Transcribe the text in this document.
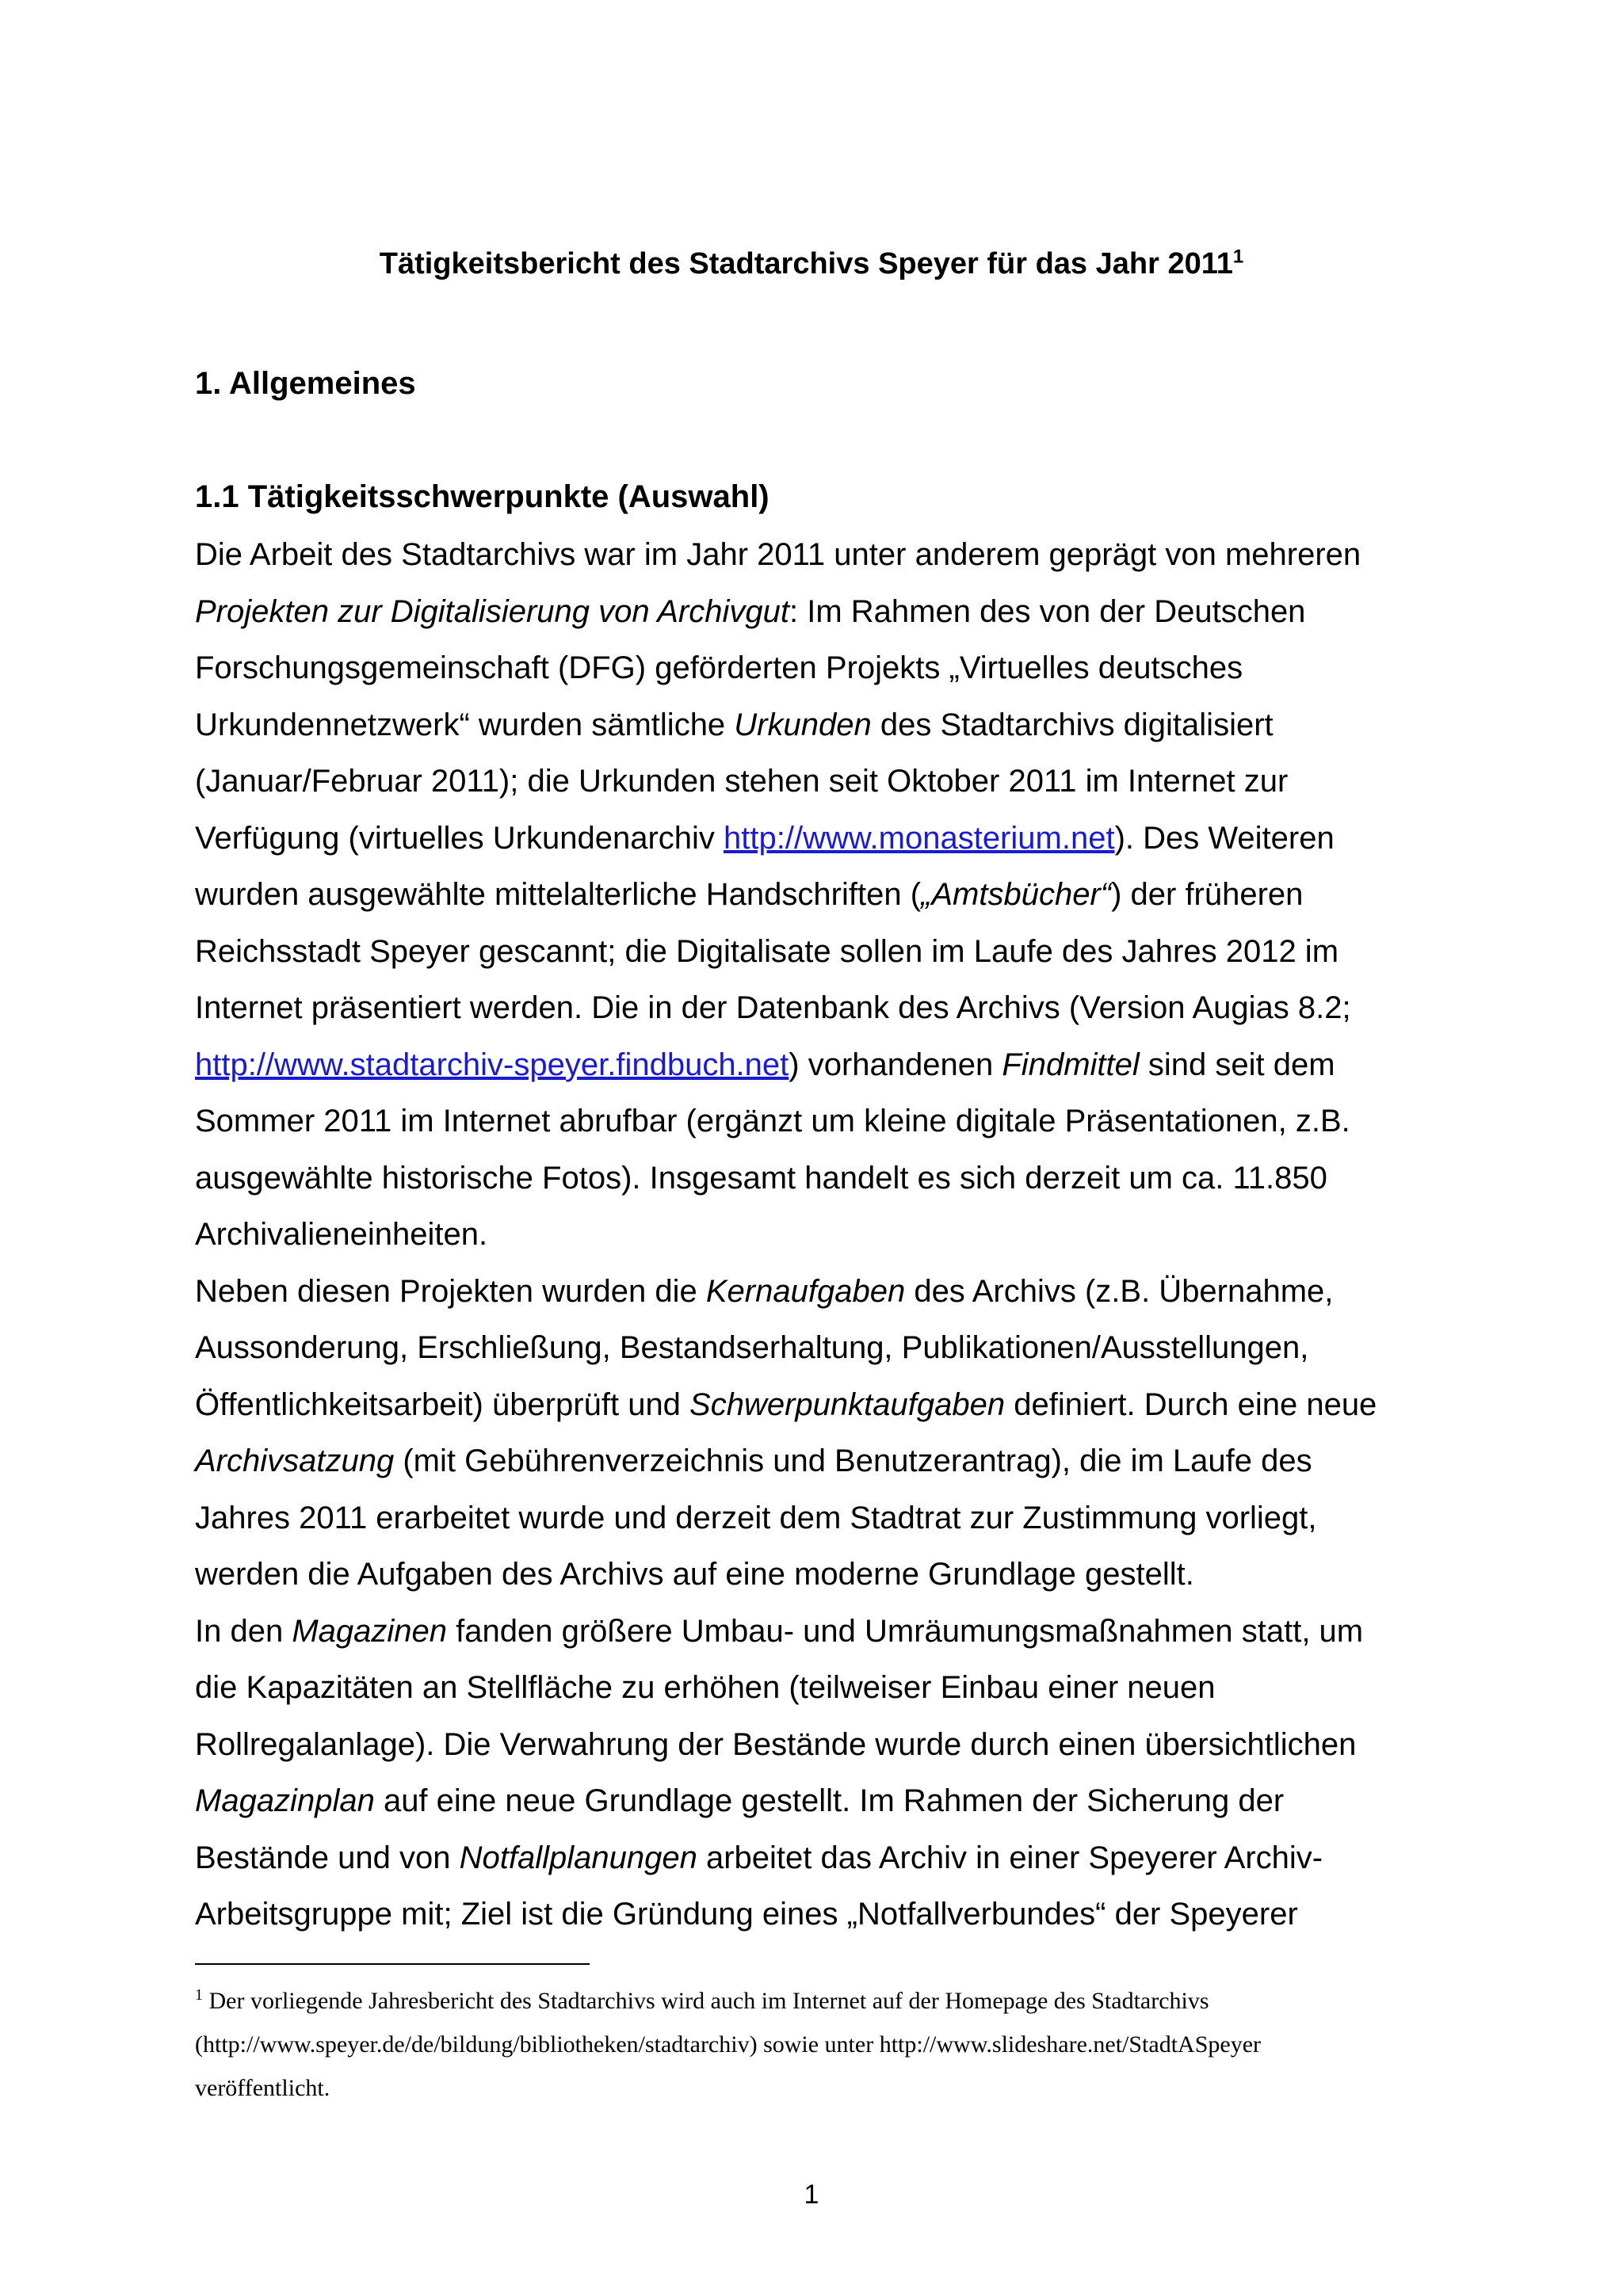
Tätigkeitsbericht des Stadtarchivs Speyer für das Jahr 2011$^1$
1. Allgemeines
1.1 Tätigkeitsschwerpunkte (Auswahl)
Die Arbeit des Stadtarchivs war im Jahr 2011 unter anderem geprägt von mehreren
Projekten zur Digitalisierung von Archivgut: Im Rahmen des von der Deutschen
Forschungsgemeinschaft (DFG) geförderten Projekts „Virtuelles deutsches
Urkundennetzwerk“ wurden sämtliche Urkunden des Stadtarchivs digitalisiert
(Januar/Februar 2011); die Urkunden stehen seit Oktober 2011 im Internet zur
Verfügung (virtuelles Urkundenarchiv http://www.monasterium.net). Des Weiteren
wurden ausgewählte mittelalterliche Handschriften („Amtsbücher“) der früheren
Reichsstadt Speyer gescannt; die Digitalisate sollen im Laufe des Jahres 2012 im
Internet präsentiert werden. Die in der Datenbank des Archivs (Version Augias 8.2;
http://www.stadtarchiv-speyer.findbuch.net) vorhandenen Findmittel sind seit dem
Sommer 2011 im Internet abrufbar (ergänzt um kleine digitale Präsentationen, z.B.
ausgewählte historische Fotos). Insgesamt handelt es sich derzeit um ca. 11.850
Archivalieneinheiten.
Neben diesen Projekten wurden die Kernaufgaben des Archivs (z.B. Übernahme,
Aussonderung, Erschließung, Bestandserhaltung, Publikationen/Ausstellungen,
Öffentlichkeitsarbeit) überprüft und Schwerpunktaufgaben definiert. Durch eine neue
Archivsatzung (mit Gebührenverzeichnis und Benutzerantrag), die im Laufe des
Jahres 2011 erarbeitet wurde und derzeit dem Stadtrat zur Zustimmung vorliegt,
werden die Aufgaben des Archivs auf eine moderne Grundlage gestellt.
In den Magazinen fanden größere Umbau- und Umräumungsmaßnahmen statt, um
die Kapazitäten an Stellfläche zu erhöhen (teilweiser Einbau einer neuen
Rollregalanlage). Die Verwahrung der Bestände wurde durch einen übersichtlichen
Magazinplan auf eine neue Grundlage gestellt. Im Rahmen der Sicherung der
Bestände und von Notfallplanungen arbeitet das Archiv in einer Speyerer Archiv-
Arbeitsgruppe mit; Ziel ist die Gründung eines „Notfallverbundes“ der Speyerer
$^1$ Der vorliegende Jahresbericht des Stadtarchivs wird auch im Internet auf der Homepage des Stadtarchivs
(http://www.speyer.de/de/bildung/bibliotheken/stadtarchiv) sowie unter http://www.slideshare.net/StadtASpeyer
veröffentlicht.
1
